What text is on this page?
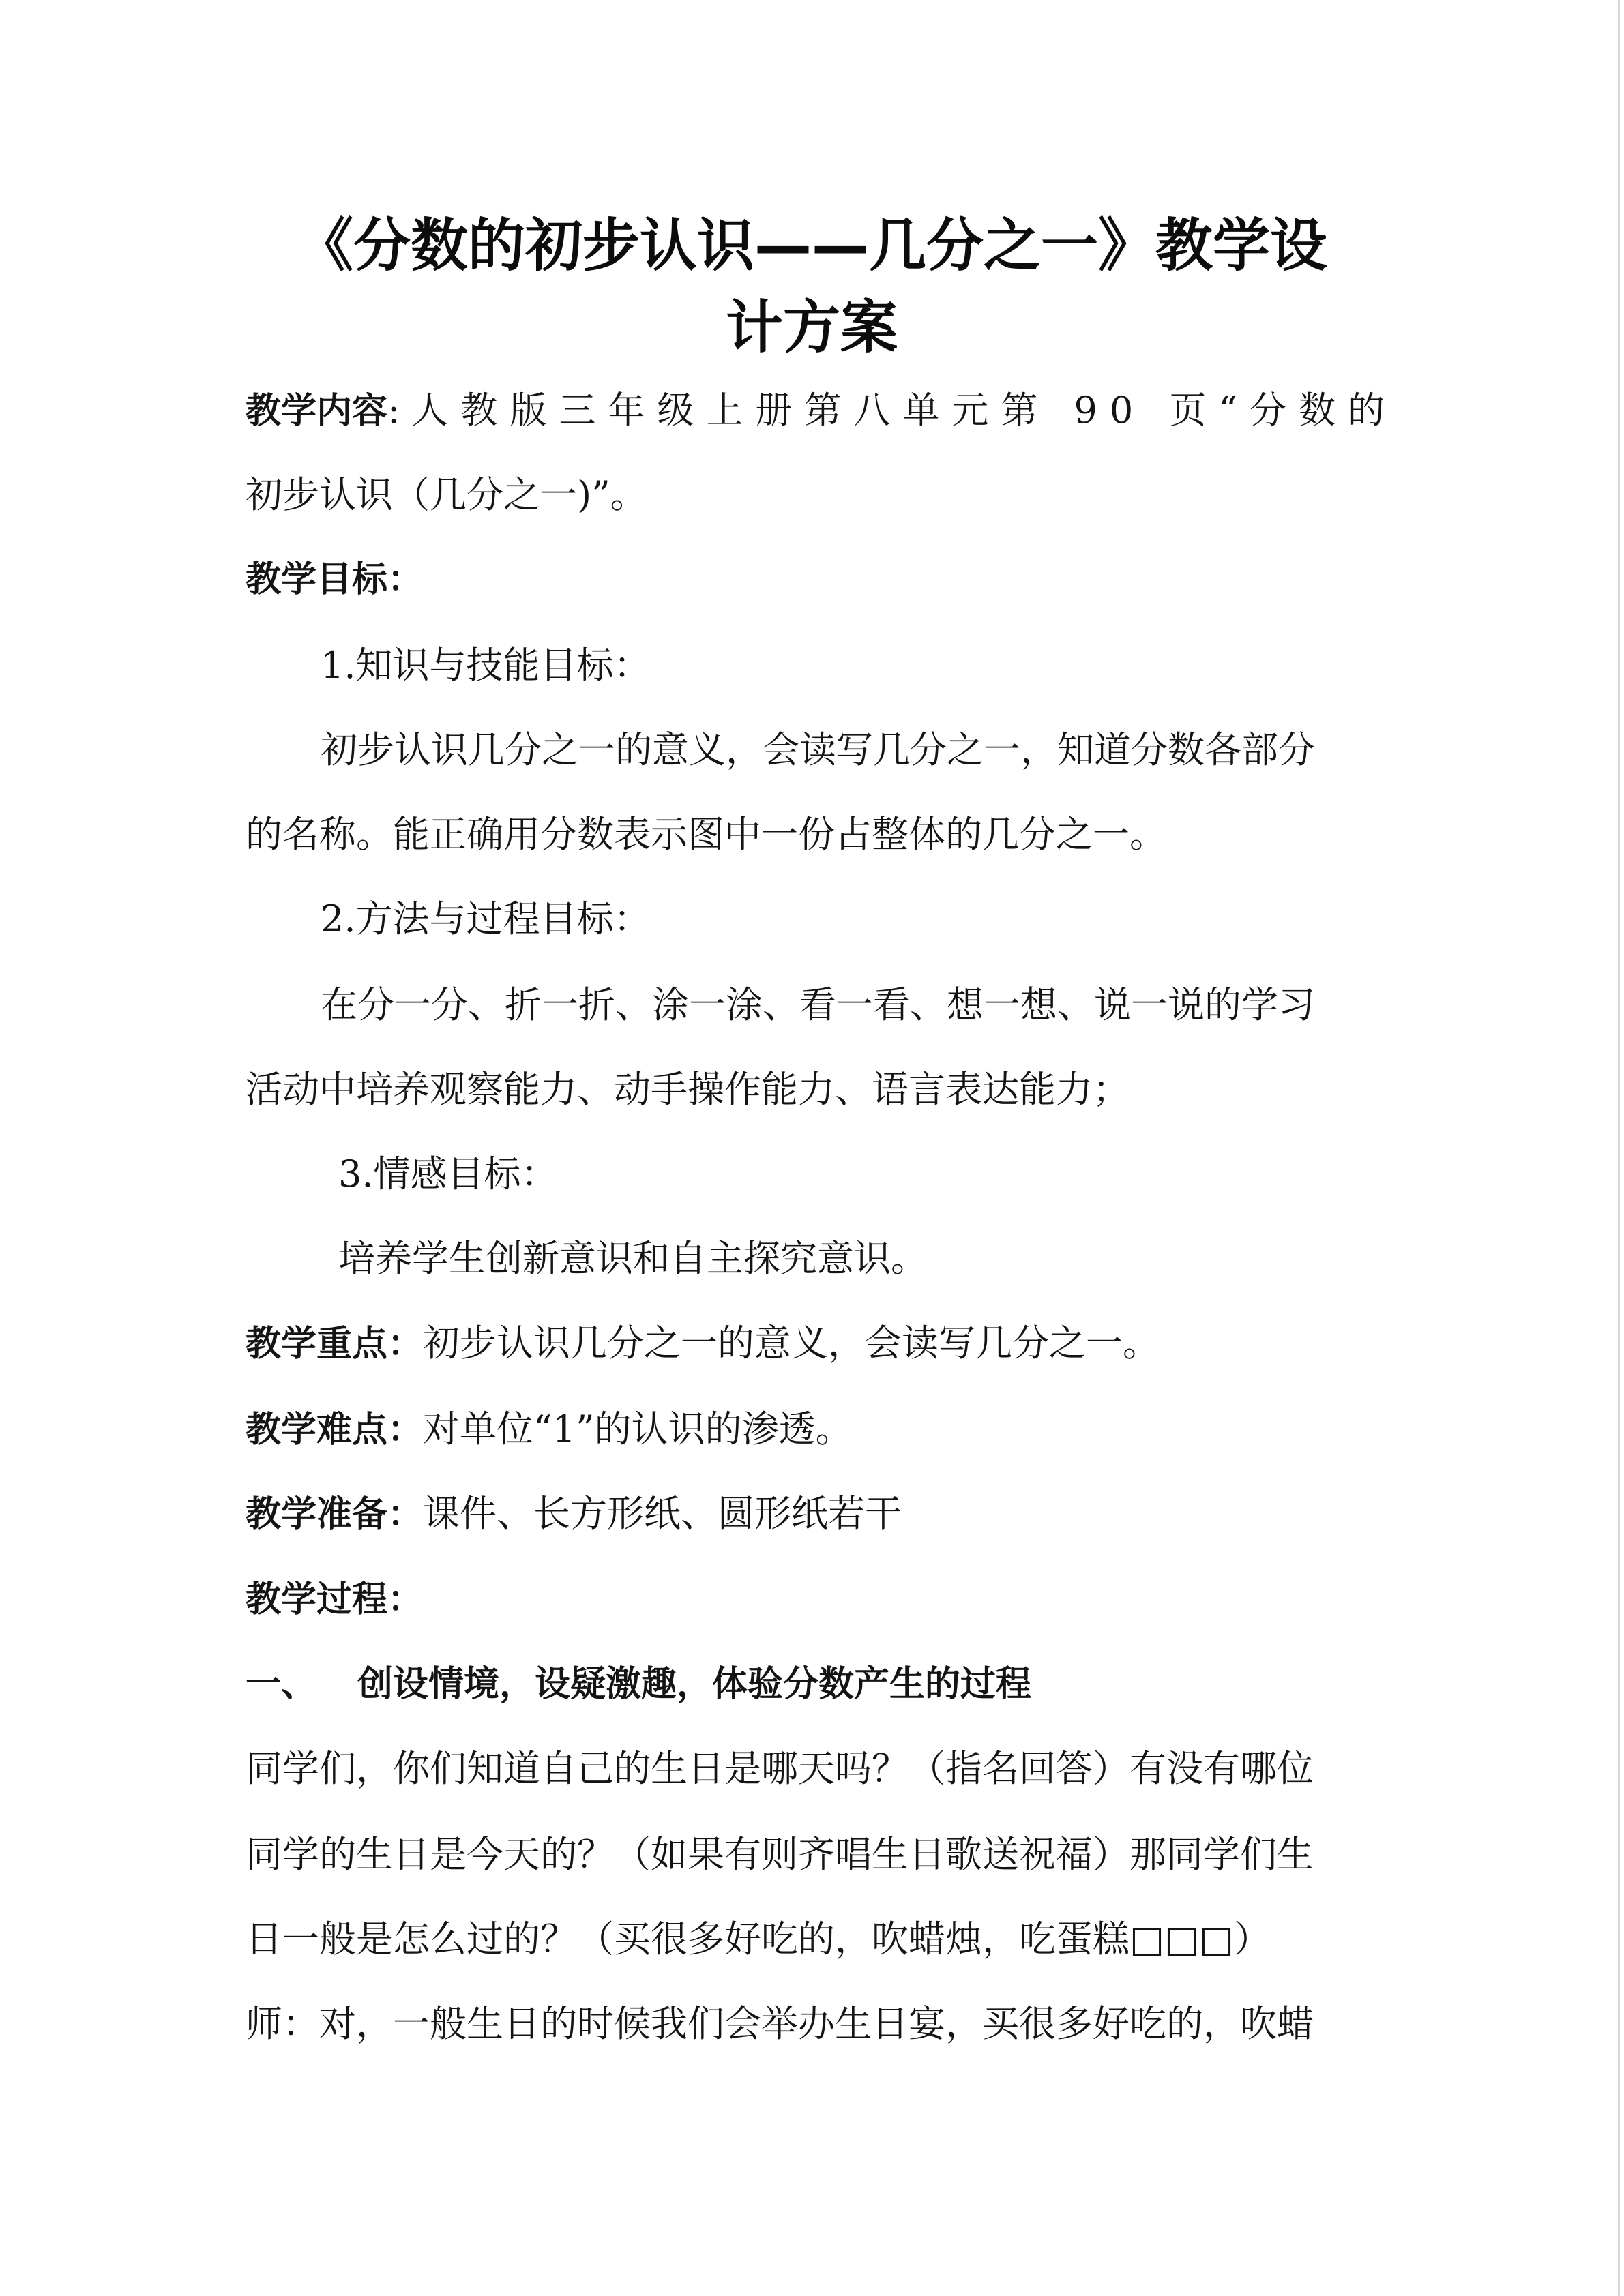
《分数的初步认识——几分之一》教学设
计方案
教学内容: 人教版三年级上册第八单元第 90 页“分数的
初步认识（几分之一)”。
教学目标：
1.知识与技能目标：
初步认识几分之一的意义，会读写几分之一，知道分数各部分
的名称。能正确用分数表示图中一份占整体的几分之一。
2.方法与过程目标：
在分一分、折一折、涂一涂、看一看、想一想、说一说的学习
活动中培养观察能力、动手操作能力、语言表达能力；
3.情感目标：
培养学生创新意识和自主探究意识。
教学重点：初步认识几分之一的意义，会读写几分之一。
教学难点：对单位“1”的认识的渗透。
教学准备：课件、长方形纸、圆形纸若干
教学过程：
一、 创设情境，设疑激趣，体验分数产生的过程
同学们，你们知道自己的生日是哪天吗？（指名回答）有没有哪位
同学的生日是今天的？（如果有则齐唱生日歌送祝福）那同学们生
日一般是怎么过的？（买很多好吃的，吹蜡烛，吃蛋糕□□□）
师：对，一般生日的时候我们会举办生日宴，买很多好吃的，吹蜡
